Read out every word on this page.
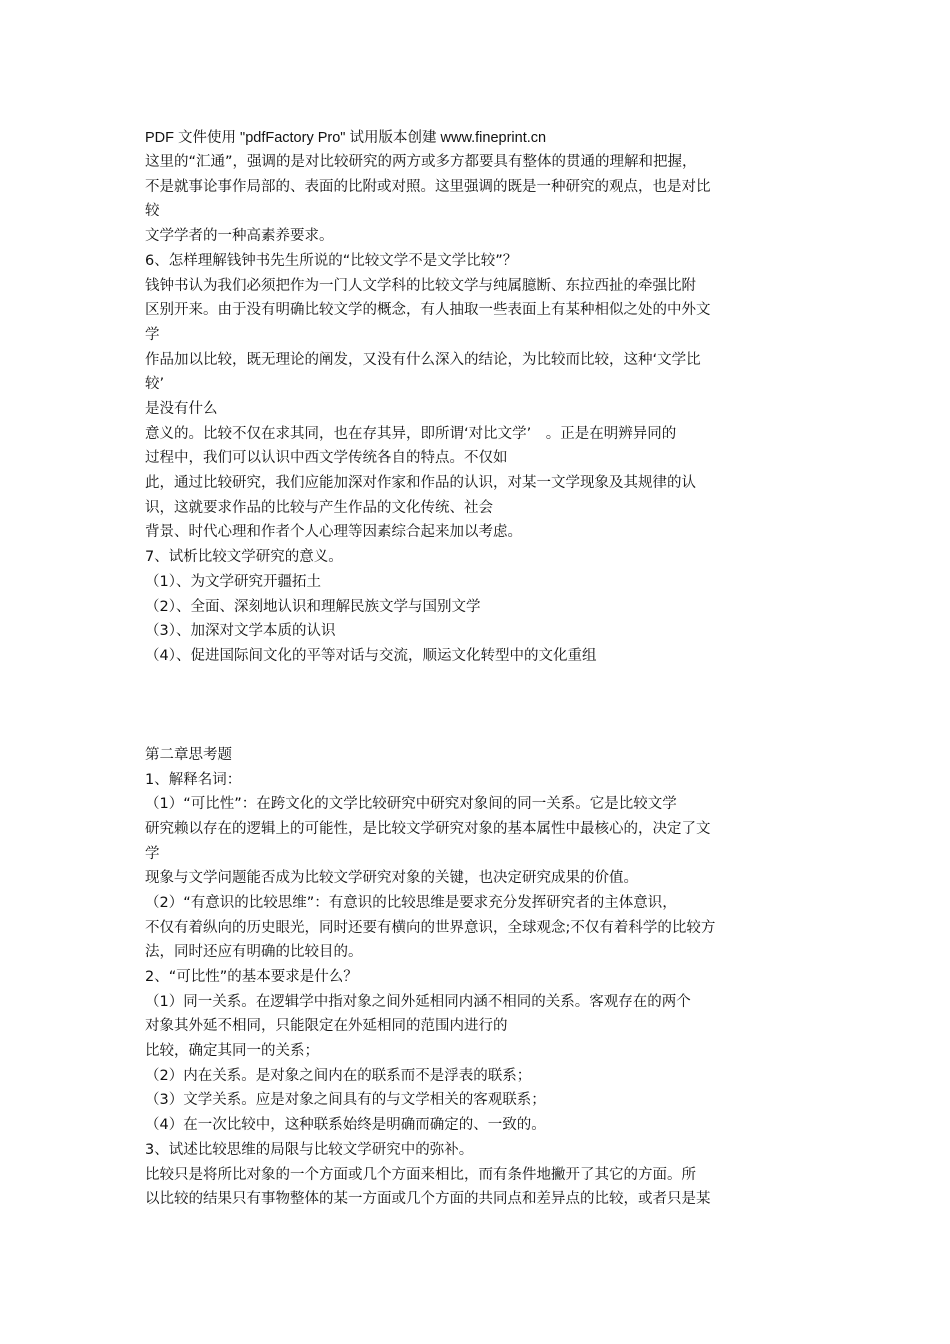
PDF 文件使用 "pdfFactory Pro" 试用版本创建 www.fineprint.cn
这里的“汇通”，强调的是对比较研究的两方或多方都要具有整体的贯通的理解和把握，
不是就事论事作局部的、表面的比附或对照。这里强调的既是一种研究的观点，也是对比
较
文学学者的一种高素养要求。
6、怎样理解钱钟书先生所说的“比较文学不是文学比较”？
钱钟书认为我们必须把作为一门人文学科的比较文学与纯属臆断、东拉西扯的牵强比附
区别开来。由于没有明确比较文学的概念，有人抽取一些表面上有某种相似之处的中外文
学
作品加以比较，既无理论的阐发，又没有什么深入的结论，为比较而比较，这种‘文学比
较’
是没有什么
意义的。比较不仅在求其同，也在存其异，即所谓‘对比文学’　。正是在明辨异同的
过程中，我们可以认识中西文学传统各自的特点。不仅如
此，通过比较研究，我们应能加深对作家和作品的认识，对某一文学现象及其规律的认
识，这就要求作品的比较与产生作品的文化传统、社会
背景、时代心理和作者个人心理等因素综合起来加以考虑。
7、试析比较文学研究的意义。
（1）、为文学研究开疆拓土
（2）、全面、深刻地认识和理解民族文学与国别文学
（3）、加深对文学本质的认识
（4）、促进国际间文化的平等对话与交流，顺运文化转型中的文化重组
第二章思考题
1、解释名词：
（1）“可比性”：在跨文化的文学比较研究中研究对象间的同一关系。它是比较文学
研究赖以存在的逻辑上的可能性，是比较文学研究对象的基本属性中最核心的，决定了文
学
现象与文学问题能否成为比较文学研究对象的关键，也决定研究成果的价值。
（2）“有意识的比较思维”：有意识的比较思维是要求充分发挥研究者的主体意识，
不仅有着纵向的历史眼光，同时还要有横向的世界意识，全球观念;不仅有着科学的比较方
法，同时还应有明确的比较目的。
2、“可比性”的基本要求是什么？
（1）同一关系。在逻辑学中指对象之间外延相同内涵不相同的关系。客观存在的两个
对象其外延不相同，只能限定在外延相同的范围内进行的
比较，确定其同一的关系；
（2）内在关系。是对象之间内在的联系而不是浮表的联系；
（3）文学关系。应是对象之间具有的与文学相关的客观联系；
（4）在一次比较中，这种联系始终是明确而确定的、一致的。
3、试述比较思维的局限与比较文学研究中的弥补。
比较只是将所比对象的一个方面或几个方面来相比，而有条件地撇开了其它的方面。所
以比较的结果只有事物整体的某一方面或几个方面的共同点和差异点的比较，或者只是某
